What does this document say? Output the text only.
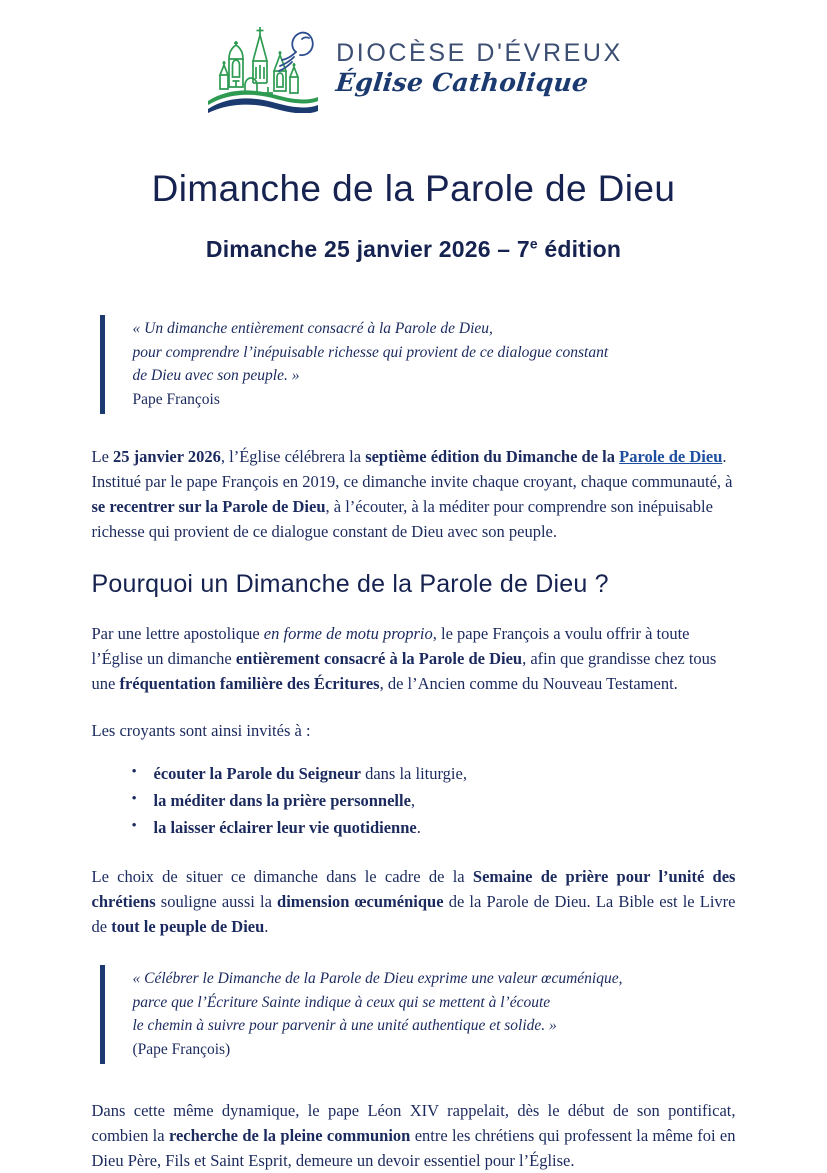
DIOCÈSE D'ÉVREUX
Église Catholique
Dimanche de la Parole de Dieu
Dimanche 25 janvier 2026 – 7e édition
« Un dimanche entièrement consacré à la Parole de Dieu,
pour comprendre l’inépuisable richesse qui provient de ce dialogue constant
de Dieu avec son peuple. »
Pape François

Le 25 janvier 2026, l’Église célébrera la septième édition du Dimanche de la Parole de Dieu. Institué par le pape François en 2019, ce dimanche invite chaque croyant, chaque communauté, à se recentrer sur la Parole de Dieu, à l’écouter, à la méditer pour comprendre son inépuisable richesse qui provient de ce dialogue constant de Dieu avec son peuple.

Pourquoi un Dimanche de la Parole de Dieu ?

Par une lettre apostolique en forme de motu proprio, le pape François a voulu offrir à toute l’Église un dimanche entièrement consacré à la Parole de Dieu, afin que grandisse chez tous une fréquentation familière des Écritures, de l’Ancien comme du Nouveau Testament.

Les croyants sont ainsi invités à :

• écouter la Parole du Seigneur dans la liturgie,
• la méditer dans la prière personnelle,
• la laisser éclairer leur vie quotidienne.

Le choix de situer ce dimanche dans le cadre de la Semaine de prière pour l’unité des chrétiens souligne aussi la dimension œcuménique de la Parole de Dieu. La Bible est le Livre de tout le peuple de Dieu.

« Célébrer le Dimanche de la Parole de Dieu exprime une valeur œcuménique,
parce que l’Écriture Sainte indique à ceux qui se mettent à l’écoute
le chemin à suivre pour parvenir à une unité authentique et solide. »
(Pape François)

Dans cette même dynamique, le pape Léon XIV rappelait, dès le début de son pontificat, combien la recherche de la pleine communion entre les chrétiens qui professent la même foi en Dieu Père, Fils et Saint Esprit, demeure un devoir essentiel pour l’Église.
